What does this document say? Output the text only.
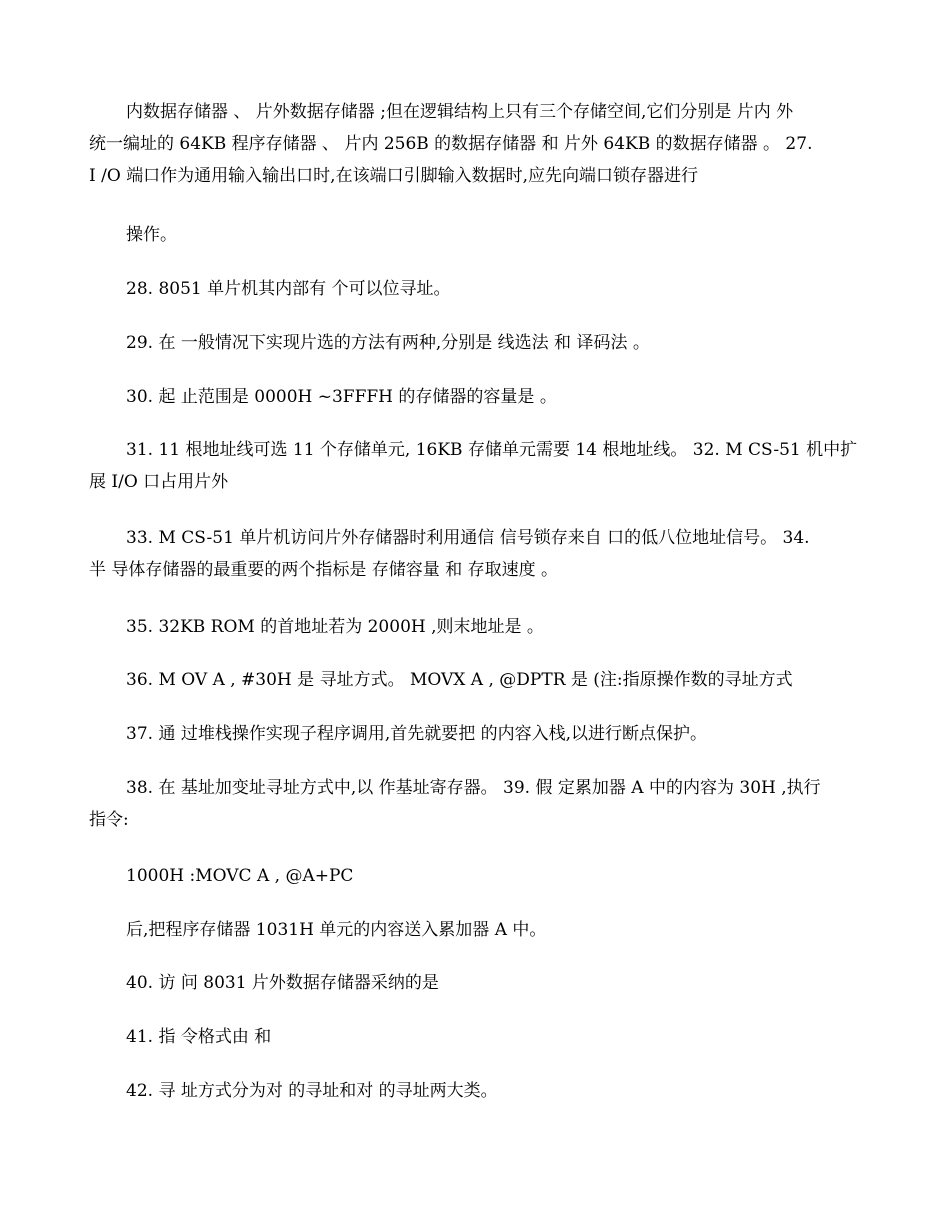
内数据存储器 、 片外数据存储器 ;但在逻辑结构上只有三个存储空间,它们分别是 片内 外
统一编址的 64KB 程序存储器 、 片内 256B 的数据存储器 和 片外 64KB 的数据存储器 。 27.
I /O 端口作为通用输入输出口时,在该端口引脚输入数据时,应先向端口锁存器进行
操作。
28. 8051 单片机其内部有 个可以位寻址。
29. 在 一般情况下实现片选的方法有两种,分别是 线选法 和 译码法 。
30. 起 止范围是 0000H ~3FFFH 的存储器的容量是 。
31. 11 根地址线可选 11 个存储单元, 16KB 存储单元需要 14 根地址线。 32. M CS-51 机中扩
展 I/O 口占用片外
33. M CS-51 单片机访问片外存储器时利用通信 信号锁存来自 口的低八位地址信号。 34.
半 导体存储器的最重要的两个指标是 存储容量 和 存取速度 。
35. 32KB ROM 的首地址若为 2000H ,则末地址是 。
36. M OV A , #30H 是 寻址方式。 MOVX A , @DPTR 是 (注:指原操作数的寻址方式
37. 通 过堆栈操作实现子程序调用,首先就要把 的内容入栈,以进行断点保护。
38. 在 基址加变址寻址方式中,以 作基址寄存器。 39. 假 定累加器 A 中的内容为 30H ,执行
指令:
1000H :MOVC A , @A+PC
后,把程序存储器 1031H 单元的内容送入累加器 A 中。
40. 访 问 8031 片外数据存储器采纳的是
41. 指 令格式由 和
42. 寻 址方式分为对 的寻址和对 的寻址两大类。
